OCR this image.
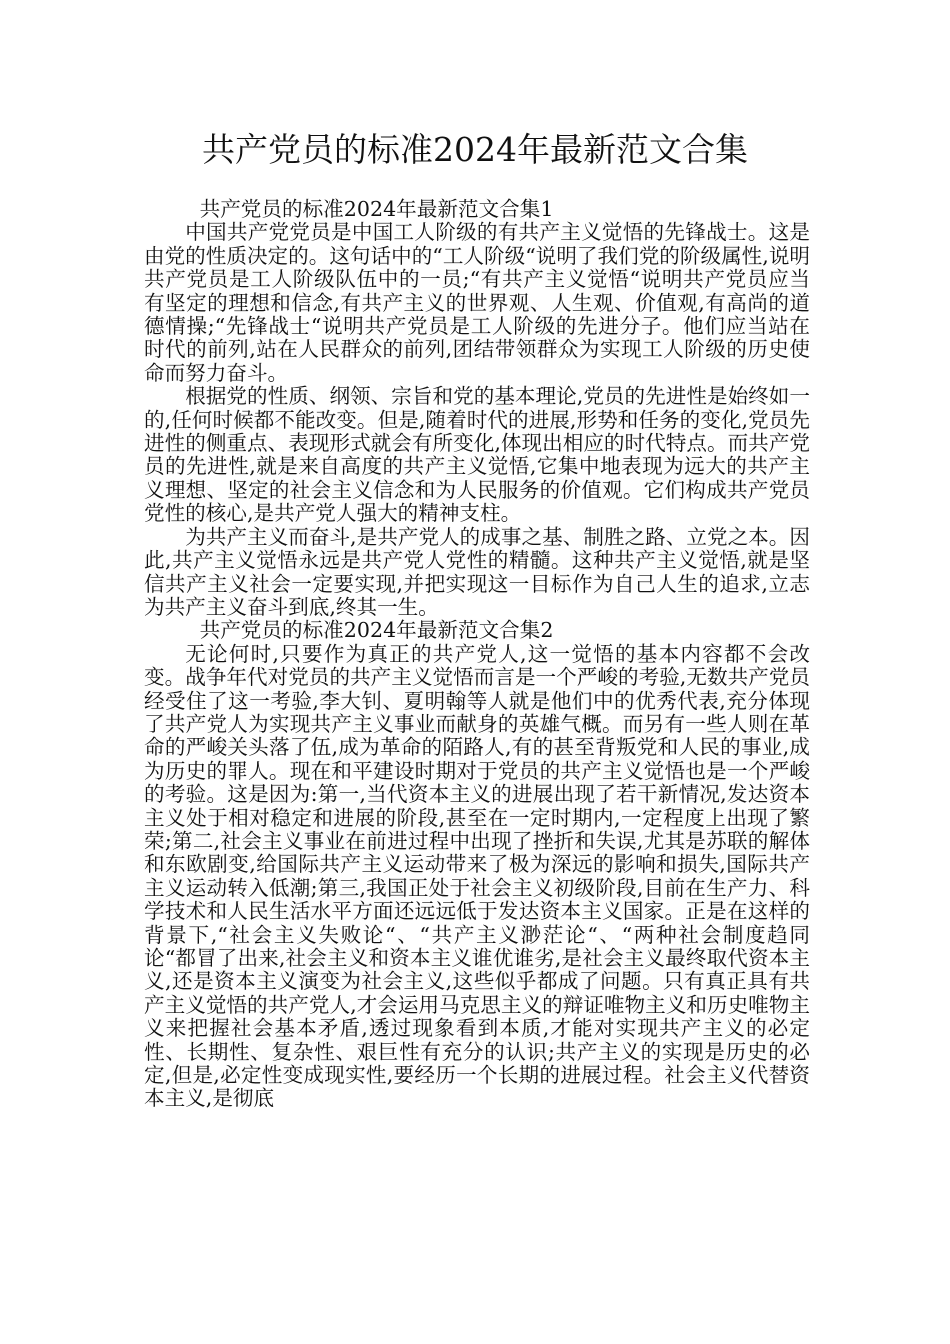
共产党员的标准2024年最新范文合集

共产党员的标准2024年最新范文合集1

中国共产党党员是中国工人阶级的有共产主义觉悟的先锋战士。这是由党的性质决定的。这句话中的“工人阶级“说明了我们党的阶级属性,说明共产党员是工人阶级队伍中的一员;“有共产主义觉悟“说明共产党员应当有坚定的理想和信念,有共产主义的世界观、人生观、价值观,有高尚的道德情操;“先锋战士“说明共产党员是工人阶级的先进分子。他们应当站在时代的前列,站在人民群众的前列,团结带领群众为实现工人阶级的历史使命而努力奋斗。

根据党的性质、纲领、宗旨和党的基本理论,党员的先进性是始终如一的,任何时候都不能改变。但是,随着时代的进展,形势和任务的变化,党员先进性的侧重点、表现形式就会有所变化,体现出相应的时代特点。而共产党员的先进性,就是来自高度的共产主义觉悟,它集中地表现为远大的共产主义理想、坚定的社会主义信念和为人民服务的价值观。它们构成共产党员党性的核心,是共产党人强大的精神支柱。

为共产主义而奋斗,是共产党人的成事之基、制胜之路、立党之本。因此,共产主义觉悟永远是共产党人党性的精髓。这种共产主义觉悟,就是坚信共产主义社会一定要实现,并把实现这一目标作为自己人生的追求,立志为共产主义奋斗到底,终其一生。

共产党员的标准2024年最新范文合集2

无论何时,只要作为真正的共产党人,这一觉悟的基本内容都不会改变。战争年代对党员的共产主义觉悟而言是一个严峻的考验,无数共产党员经受住了这一考验,李大钊、夏明翰等人就是他们中的优秀代表,充分体现了共产党人为实现共产主义事业而献身的英雄气概。而另有一些人则在革命的严峻关头落了伍,成为革命的陌路人,有的甚至背叛党和人民的事业,成为历史的罪人。现在和平建设时期对于党员的共产主义觉悟也是一个严峻的考验。这是因为:第一,当代资本主义的进展出现了若干新情况,发达资本主义处于相对稳定和进展的阶段,甚至在一定时期内,一定程度上出现了繁荣;第二,社会主义事业在前进过程中出现了挫折和失误,尤其是苏联的解体和东欧剧变,给国际共产主义运动带来了极为深远的影响和损失,国际共产主义运动转入低潮;第三,我国正处于社会主义初级阶段,目前在生产力、科学技术和人民生活水平方面还远远低于发达资本主义国家。正是在这样的背景下,“社会主义失败论“、“共产主义渺茫论“、“两种社会制度趋同论“都冒了出来,社会主义和资本主义谁优谁劣,是社会主义最终取代资本主义,还是资本主义演变为社会主义,这些似乎都成了问题。只有真正具有共产主义觉悟的共产党人,才会运用马克思主义的辩证唯物主义和历史唯物主义来把握社会基本矛盾,透过现象看到本质,才能对实现共产主义的必定性、长期性、复杂性、艰巨性有充分的认识;共产主义的实现是历史的必定,但是,必定性变成现实性,要经历一个长期的进展过程。社会主义代替资本主义,是彻底
